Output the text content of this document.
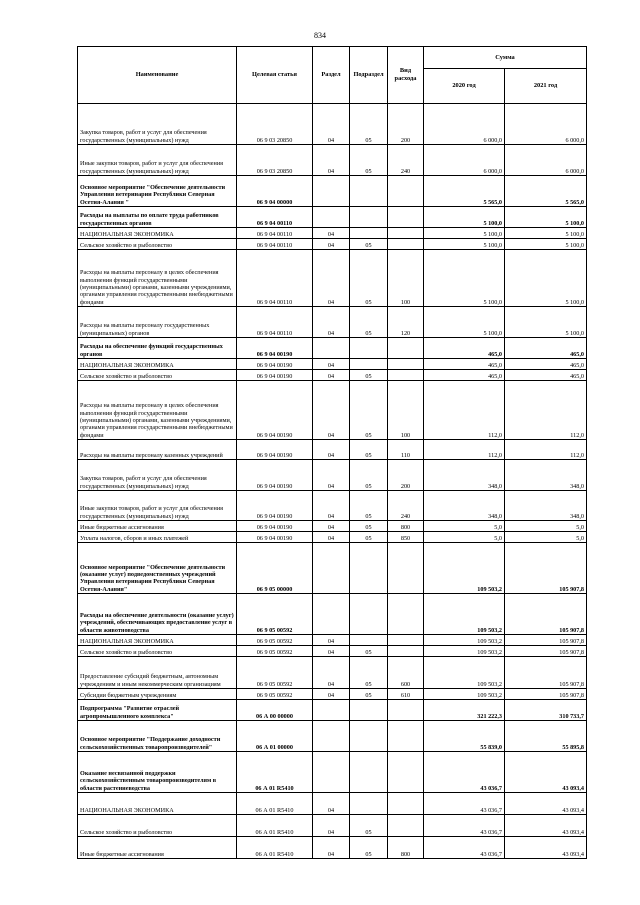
834
Наименование	Целевая статья	Раздел	Подраздел	Вид расхода	Сумма	
					2020 год	2021 год
Закупка товаров, работ и услуг для обеспечения государственных (муниципальных) нужд	06 9 03 20850	04	05	200	6 000,0	6 000,0
Иные закупки товаров, работ и услуг для обеспечения государственных (муниципальных) нужд	06 9 03 20850	04	05	240	6 000,0	6 000,0
Основное мероприятие "Обеспечение деятельности Управления ветеринарии Республики Северная Осетия-Алания "	06 9 04 00000				5 565,0	5 565,0
Расходы на выплаты по оплате труда работников государственных органов	06 9 04 00110				5 100,0	5 100,0
НАЦИОНАЛЬНАЯ ЭКОНОМИКА	06 9 04 00110	04			5 100,0	5 100,0
Сельское хозяйство и рыболовство	06 9 04 00110	04	05		5 100,0	5 100,0
Расходы на выплаты персоналу в целях обеспечения выполнения функций государственными (муниципальными) органами, казенными учреждениями, органами управления государственными внебюджетными фондами	06 9 04 00110	04	05	100	5 100,0	5 100,0
Расходы на выплаты персоналу государственных (муниципальных) органов	06 9 04 00110	04	05	120	5 100,0	5 100,0
Расходы на обеспечение функций государственных органов	06 9 04 00190				465,0	465,0
НАЦИОНАЛЬНАЯ ЭКОНОМИКА	06 9 04 00190	04			465,0	465,0
Сельское хозяйство и рыболовство	06 9 04 00190	04	05		465,0	465,0
Расходы на выплаты персоналу в целях обеспечения выполнения функций государственными (муниципальными) органами, казенными учреждениями, органами управления государственными внебюджетными фондами	06 9 04 00190	04	05	100	112,0	112,0
Расходы на выплаты персоналу казенных учреждений	06 9 04 00190	04	05	110	112,0	112,0
Закупка товаров, работ и услуг для обеспечения государственных (муниципальных) нужд	06 9 04 00190	04	05	200	348,0	348,0
Иные закупки товаров, работ и услуг для обеспечения государственных (муниципальных) нужд	06 9 04 00190	04	05	240	348,0	348,0
Иные бюджетные ассигнования	06 9 04 00190	04	05	800	5,0	5,0
Уплата налогов, сборов и иных платежей	06 9 04 00190	04	05	850	5,0	5,0
Основное мероприятие "Обеспечение деятельности (оказание услуг) подведомственных учреждений Управления ветеринарии Республики Северная Осетия-Алания"	06 9 05 00000				109 503,2	105 907,8
Расходы на обеспечение деятельности (оказание услуг) учреждений, обеспечивающих предоставление услуг в области животноводства	06 9 05 00592				109 503,2	105 907,8
НАЦИОНАЛЬНАЯ ЭКОНОМИКА	06 9 05 00592	04			109 503,2	105 907,8
Сельское хозяйство и рыболовство	06 9 05 00592	04	05		109 503,2	105 907,8
Предоставление субсидий бюджетным, автономным учреждениям и иным некоммерческим организациям	06 9 05 00592	04	05	600	109 503,2	105 907,8
Субсидии бюджетным учреждениям	06 9 05 00592	04	05	610	109 503,2	105 907,8
Подпрограмма "Развитие отраслей агропромышленного комплекса"	06 А 00 00000				321 222,3	310 733,7
Основное мероприятие "Поддержание доходности сельскохозяйственных товаропроизводителей"	06 А 01 00000				55 839,0	55 895,8
Оказание несвязанной поддержки сельскохозяйственным товаропроизводителям в области растениеводства	06 А 01 R5410				43 036,7	43 093,4
НАЦИОНАЛЬНАЯ ЭКОНОМИКА	06 А 01 R5410	04			43 036,7	43 093,4
Сельское хозяйство и рыболовство	06 А 01 R5410	04	05		43 036,7	43 093,4
Иные бюджетные ассигнования	06 А 01 R5410	04	05	800	43 036,7	43 093,4
